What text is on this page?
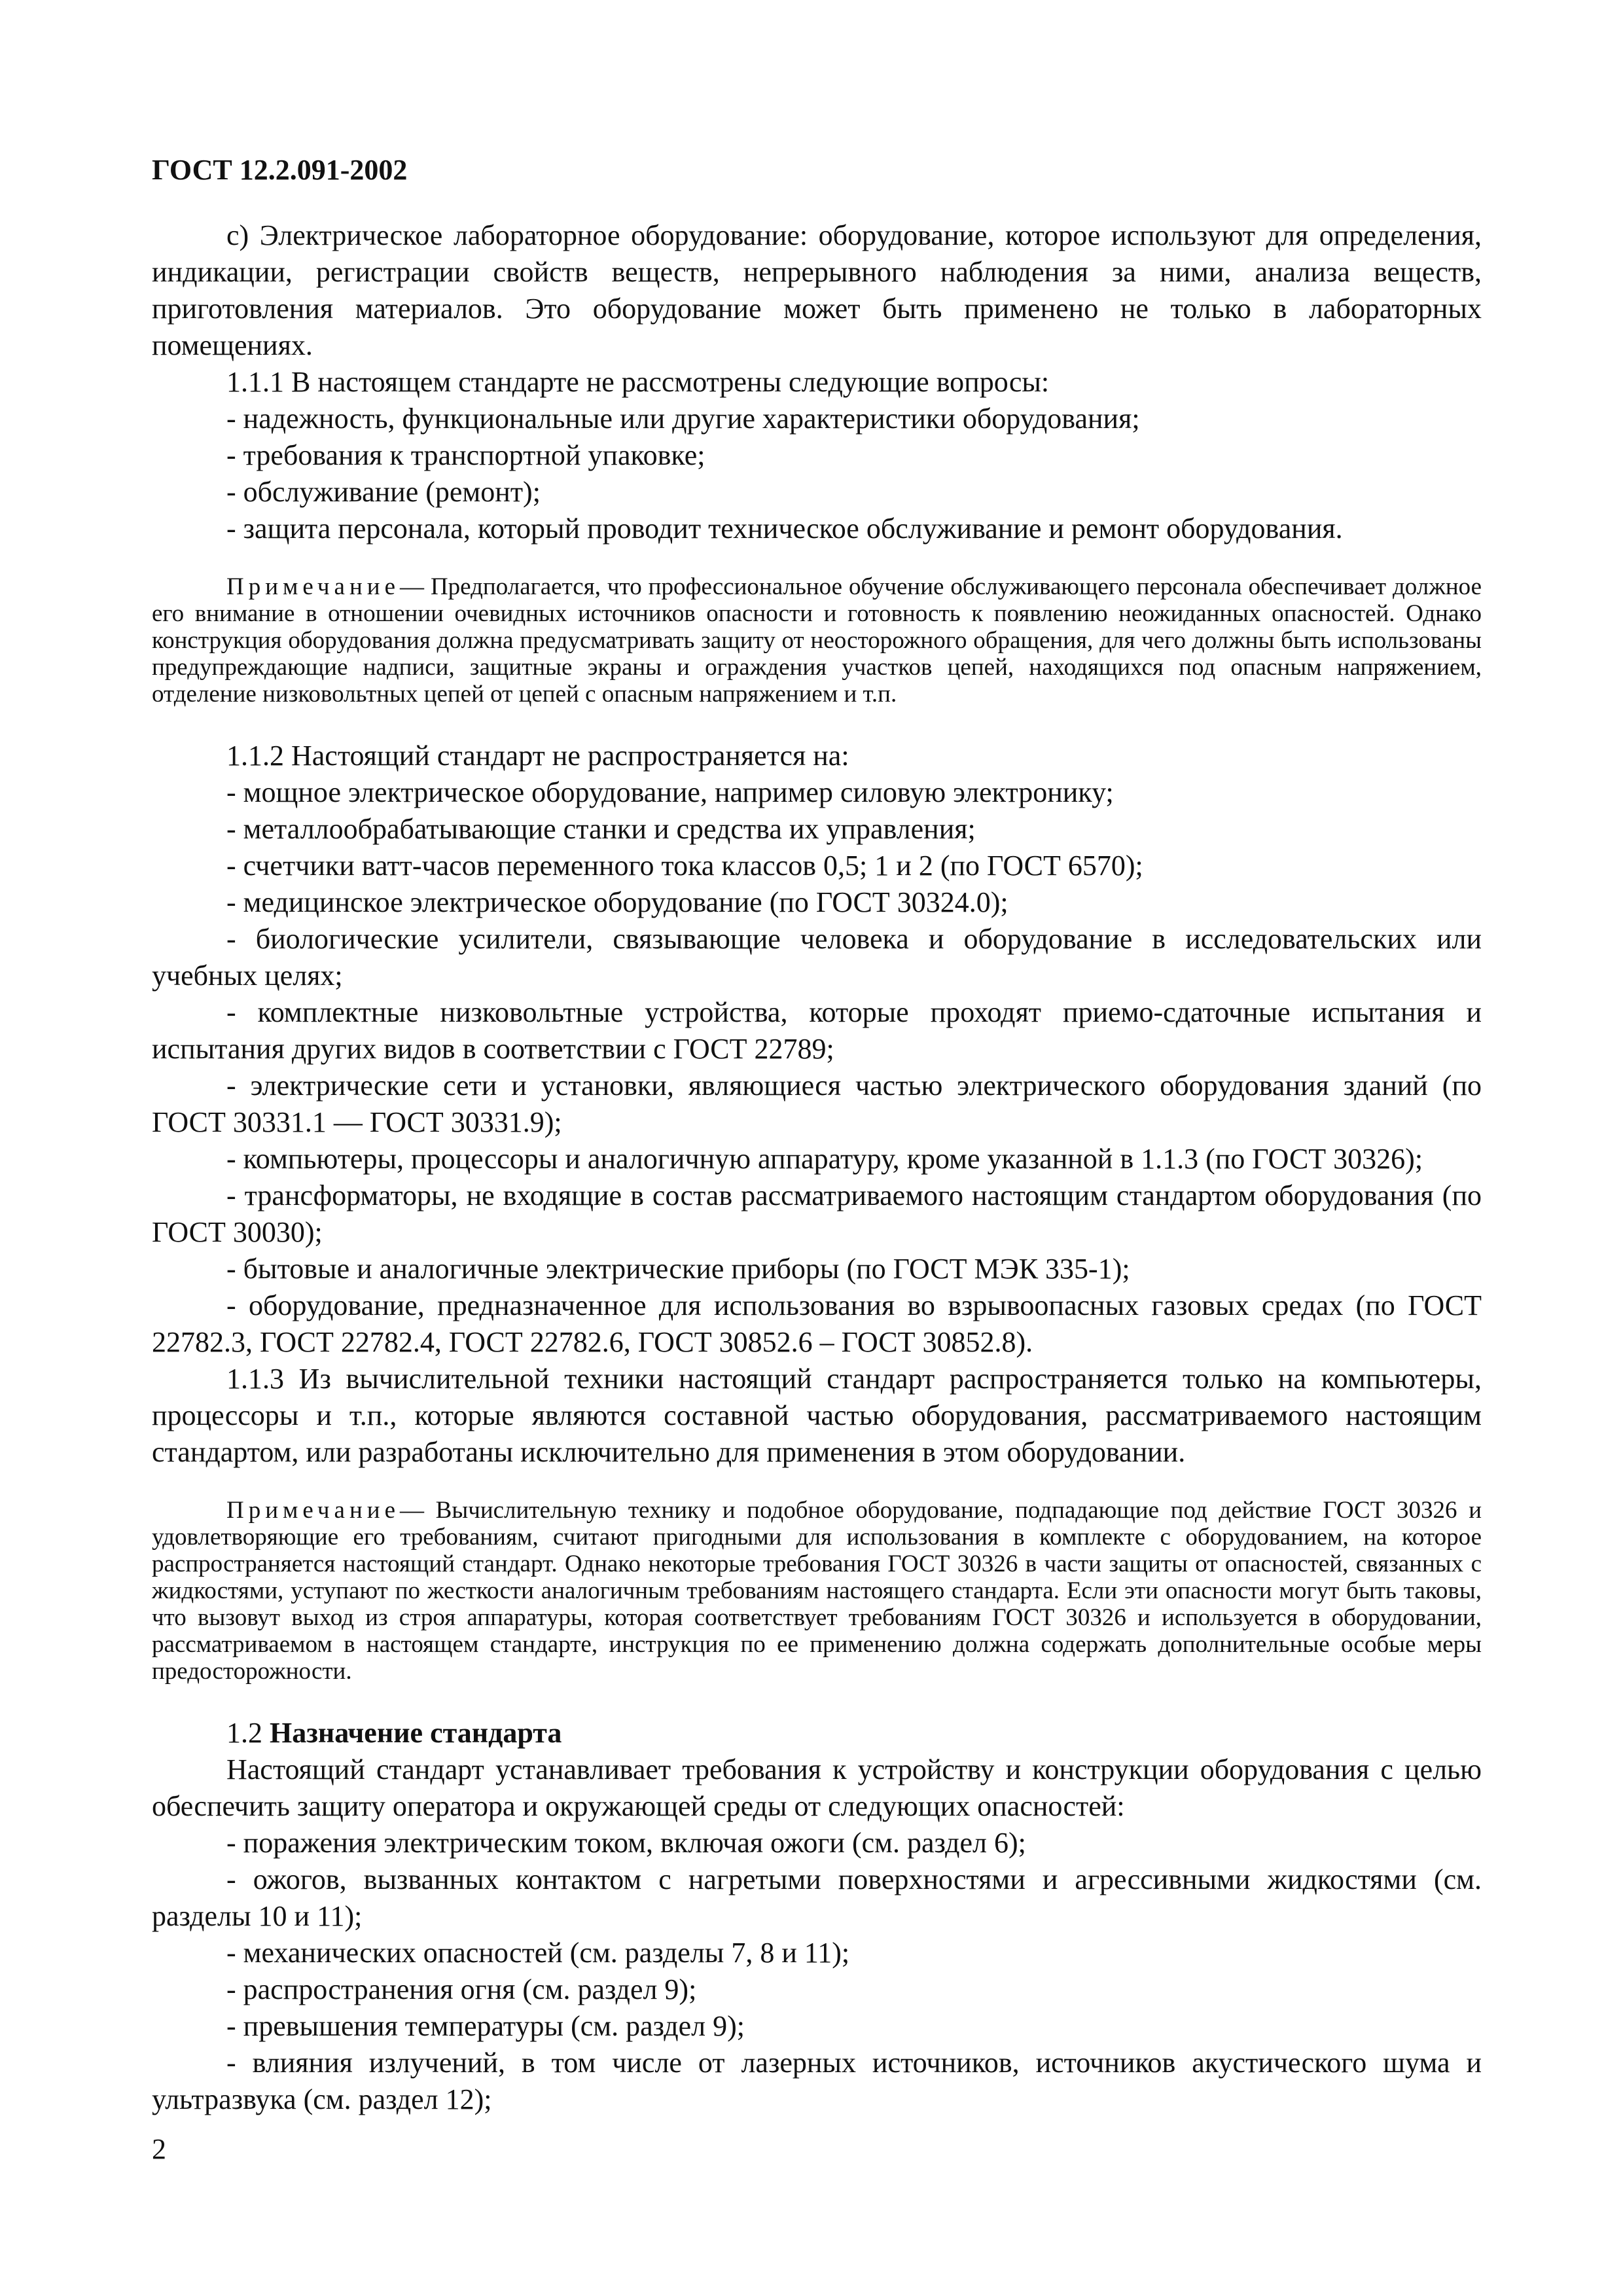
ГОСТ 12.2.091-2002

c) Электрическое лабораторное оборудование: оборудование, которое используют для определения, индикации, регистрации свойств веществ, непрерывного наблюдения за ними, анализа веществ, приготовления материалов. Это оборудование может быть применено не только в лабораторных помещениях.

1.1.1 В настоящем стандарте не рассмотрены следующие вопросы:

- надежность, функциональные или другие характеристики оборудования;

- требования к транспортной упаковке;

- обслуживание (ремонт);

- защита персонала, который проводит техническое обслуживание и ремонт оборудования.

Примечание— Предполагается, что профессиональное обучение обслуживающего персонала обеспечивает должное его внимание в отношении очевидных источников опасности и готовность к появлению неожиданных опасностей. Однако конструкция оборудования должна предусматривать защиту от неосторожного обращения, для чего должны быть использованы предупреждающие надписи, защитные экраны и ограждения участков цепей, находящихся под опасным напряжением, отделение низковольтных цепей от цепей с опасным напряжением и т.п.

1.1.2 Настоящий стандарт не распространяется на:

- мощное электрическое оборудование, например силовую электронику;

- металлообрабатывающие станки и средства их управления;

- счетчики ватт-часов переменного тока классов 0,5; 1 и 2 (по ГОСТ 6570);

- медицинское электрическое оборудование (по ГОСТ 30324.0);

- биологические усилители, связывающие человека и оборудование в исследовательских или учебных целях;

- комплектные низковольтные устройства, которые проходят приемо-сдаточные испытания и испытания других видов в соответствии с ГОСТ 22789;

- электрические сети и установки, являющиеся частью электрического оборудования зданий (по ГОСТ 30331.1 — ГОСТ 30331.9);

- компьютеры, процессоры и аналогичную аппаратуру, кроме указанной в 1.1.3 (по ГОСТ 30326);

- трансформаторы, не входящие в состав рассматриваемого настоящим стандартом оборудования (по ГОСТ 30030);

- бытовые и аналогичные электрические приборы (по ГОСТ МЭК 335-1);

- оборудование, предназначенное для использования во взрывоопасных газовых средах (по ГОСТ 22782.3, ГОСТ 22782.4, ГОСТ 22782.6, ГОСТ 30852.6 – ГОСТ 30852.8).

1.1.3 Из вычислительной техники настоящий стандарт распространяется только на компьютеры, процессоры и т.п., которые являются составной частью оборудования, рассматриваемого настоящим стандартом, или разработаны исключительно для применения в этом оборудовании.

Примечание— Вычислительную технику и подобное оборудование, подпадающие под действие ГОСТ 30326 и удовлетворяющие его требованиям, считают пригодными для использования в комплекте с оборудованием, на которое распространяется настоящий стандарт. Однако некоторые требования ГОСТ 30326 в части защиты от опасностей, связанных с жидкостями, уступают по жесткости аналогичным требованиям настоящего стандарта. Если эти опасности могут быть таковы, что вызовут выход из строя аппаратуры, которая соответствует требованиям ГОСТ 30326 и используется в оборудовании, рассматриваемом в настоящем стандарте, инструкция по ее применению должна содержать дополнительные особые меры предосторожности.

1.2 Назначение стандарта

Настоящий стандарт устанавливает требования к устройству и конструкции оборудования с целью обеспечить защиту оператора и окружающей среды от следующих опасностей:

- поражения электрическим током, включая ожоги (см. раздел 6);

- ожогов, вызванных контактом с нагретыми поверхностями и агрессивными жидкостями (см. разделы 10 и 11);

- механических опасностей (см. разделы 7, 8 и 11);

- распространения огня (см. раздел 9);

- превышения температуры (см. раздел 9);

- влияния излучений, в том числе от лазерных источников, источников акустического шума и ультразвука (см. раздел 12);

2
